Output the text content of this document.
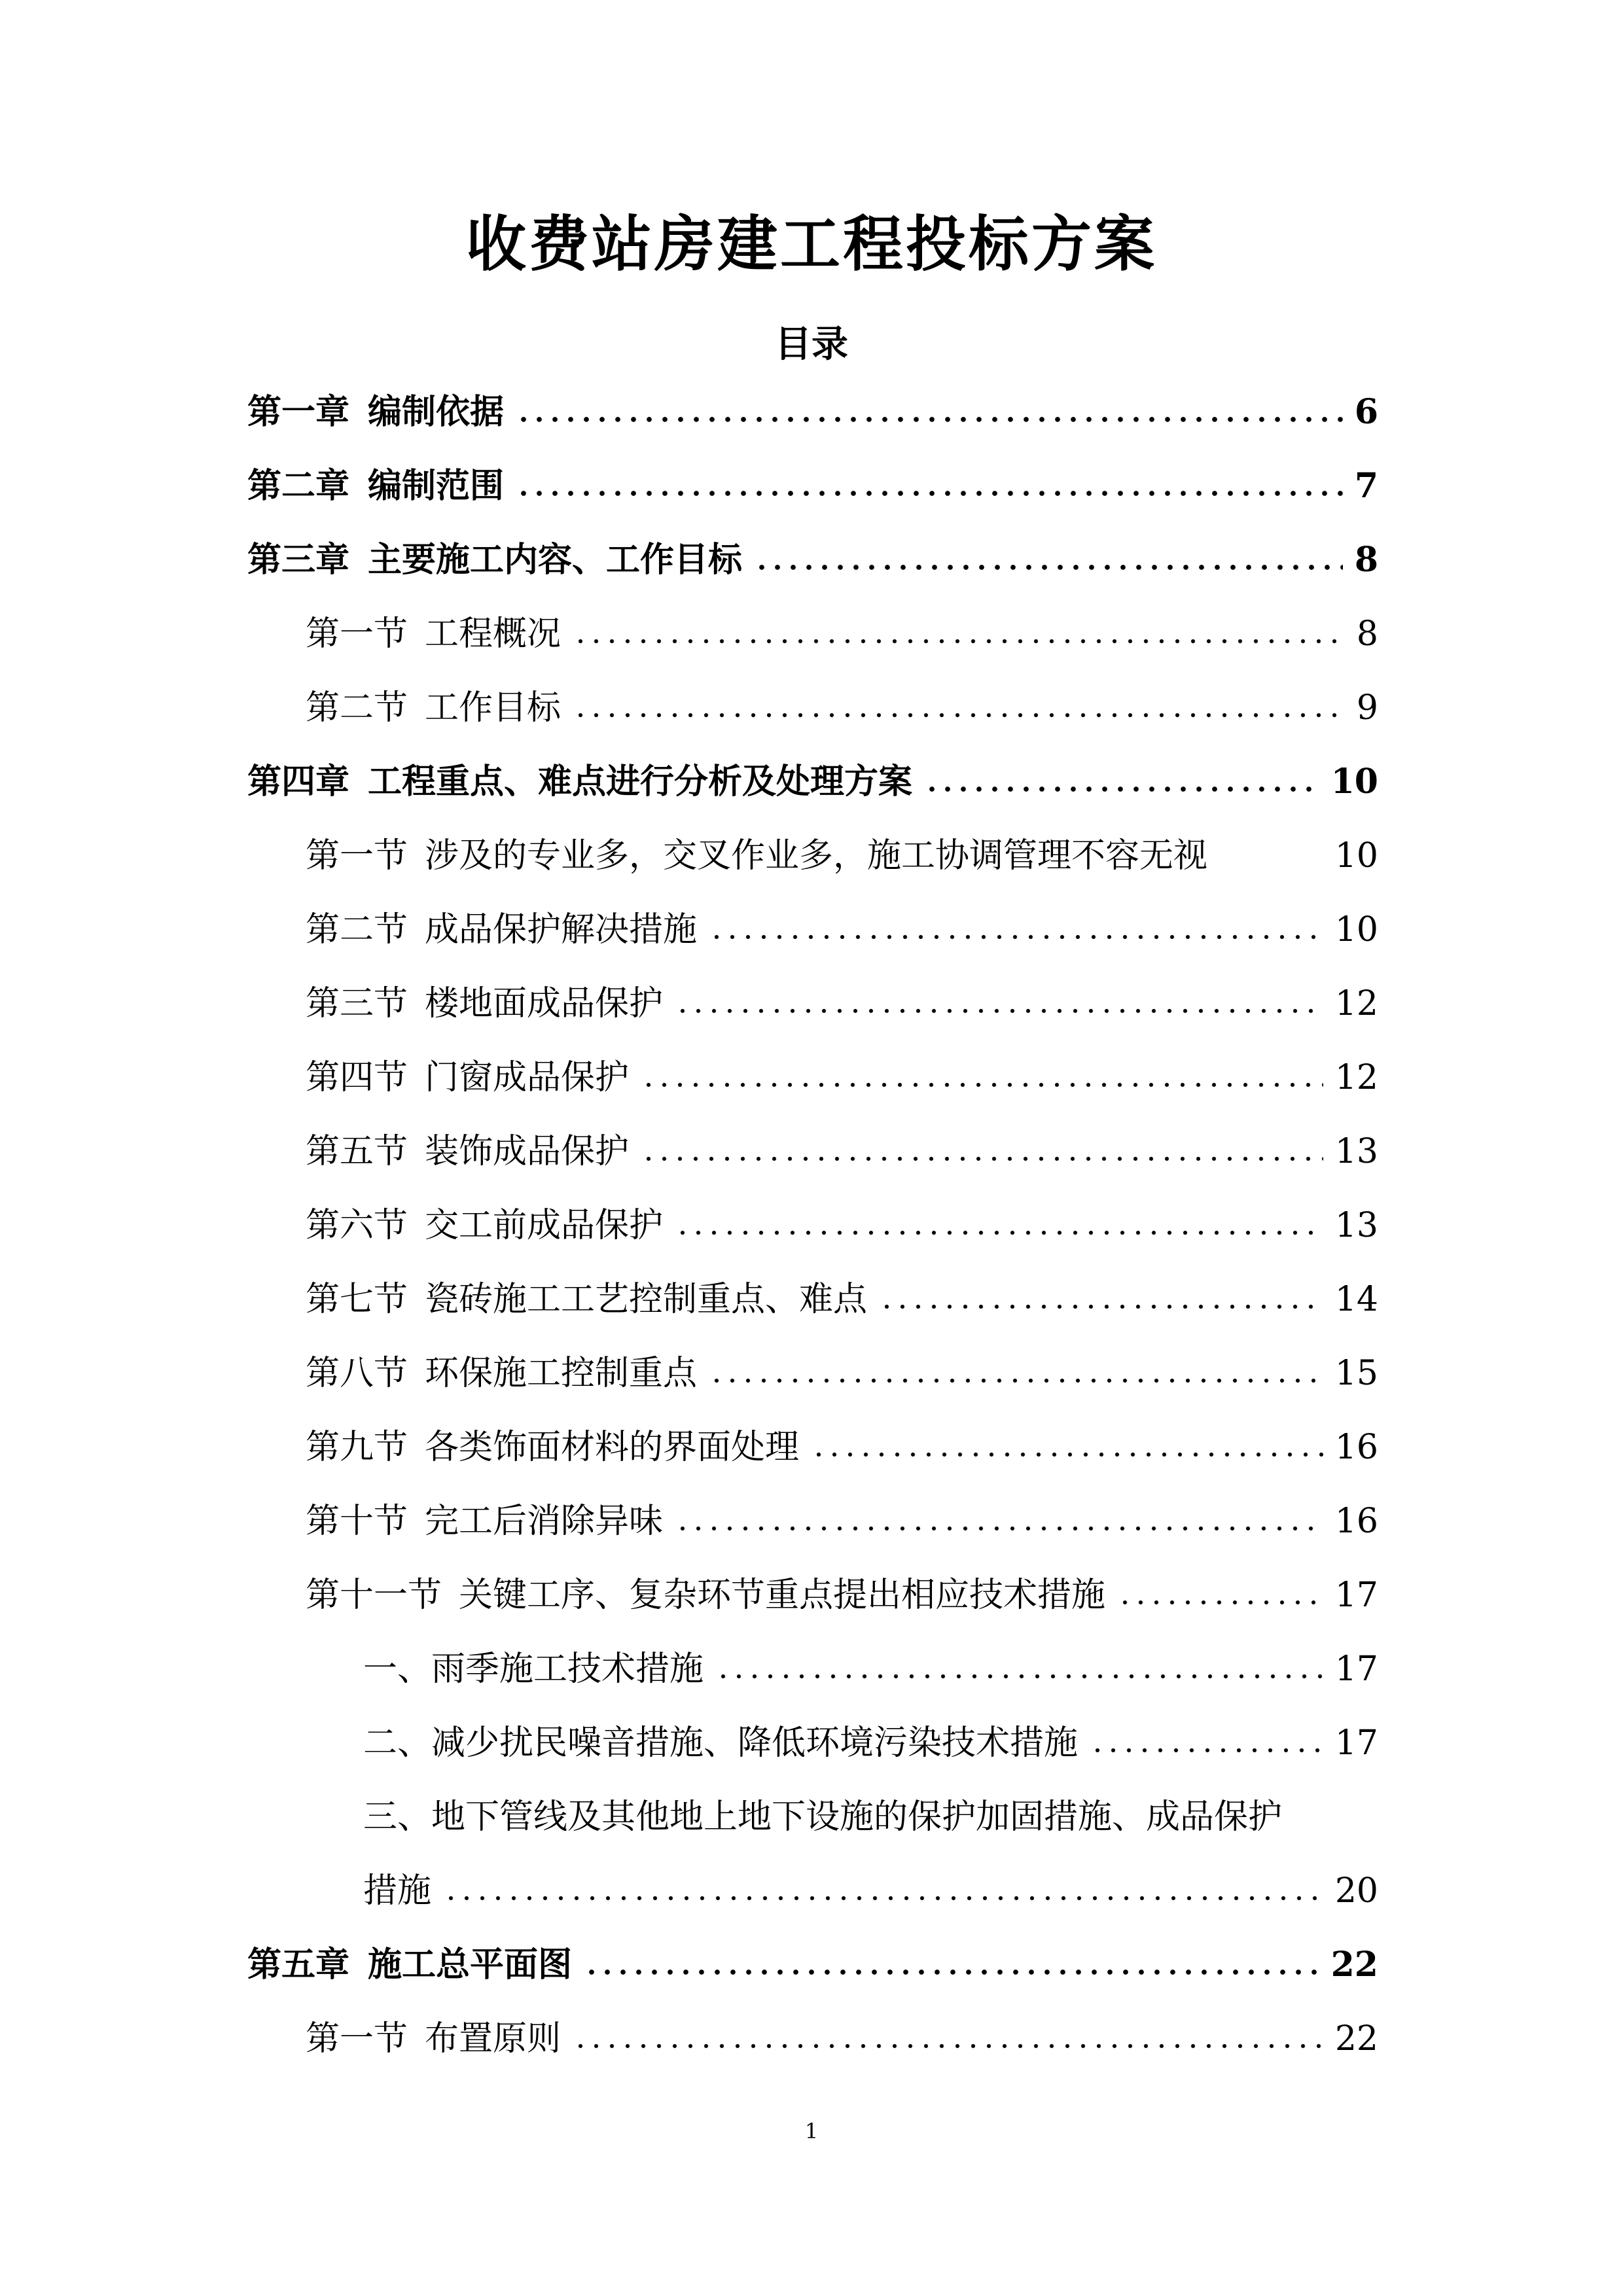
收费站房建工程投标方案
目录
第一章 编制依据	6
第二章 编制范围	7
第三章 主要施工内容、工作目标	8
第一节 工程概况	8
第二节 工作目标	9
第四章 工程重点、难点进行分析及处理方案	10
第一节 涉及的专业多，交叉作业多，施工协调管理不容无视	10
第二节 成品保护解决措施	10
第三节 楼地面成品保护	12
第四节 门窗成品保护	12
第五节 装饰成品保护	13
第六节 交工前成品保护	13
第七节 瓷砖施工工艺控制重点、难点	14
第八节 环保施工控制重点	15
第九节 各类饰面材料的界面处理	16
第十节 完工后消除异味	16
第十一节 关键工序、复杂环节重点提出相应技术措施	17
一、雨季施工技术措施	17
二、减少扰民噪音措施、降低环境污染技术措施	17
三、地下管线及其他地上地下设施的保护加固措施、成品保护
措施	20
第五章 施工总平面图	22
第一节 布置原则	22
1
